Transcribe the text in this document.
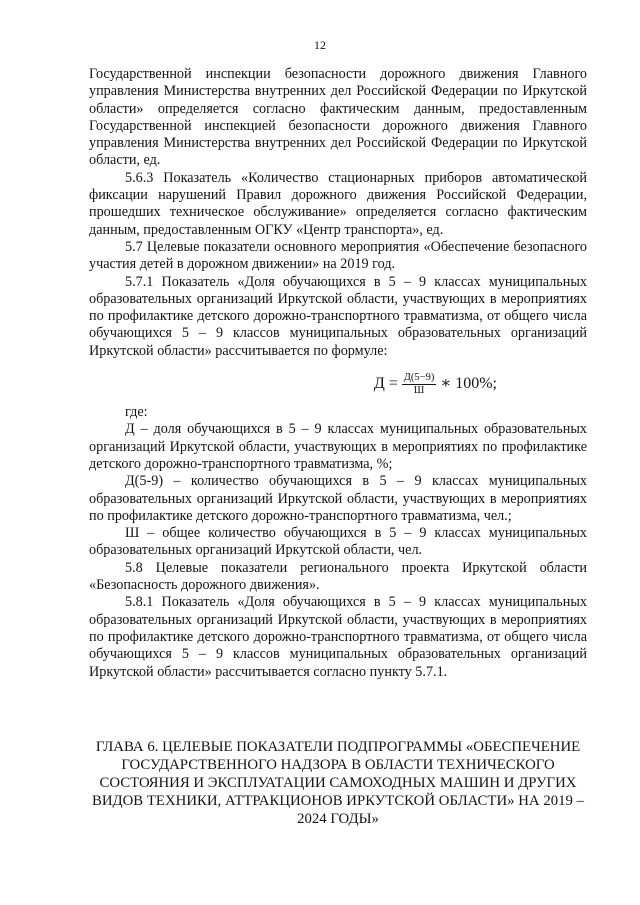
12

Государственной инспекции безопасности дорожного движения Главного управления Министерства внутренних дел Российской Федерации по Иркутской области» определяется согласно фактическим данным, предоставленным Государственной инспекцией безопасности дорожного движения Главного управления Министерства внутренних дел Российской Федерации по Иркутской области, ед.

5.6.3 Показатель «Количество стационарных приборов автоматической фиксации нарушений Правил дорожного движения Российской Федерации, прошедших техническое обслуживание» определяется согласно фактическим данным, предоставленным ОГКУ «Центр транспорта», ед.

5.7 Целевые показатели основного мероприятия «Обеспечение безопасного участия детей в дорожном движении» на 2019 год.

5.7.1 Показатель «Доля обучающихся в 5 – 9 классах муниципальных образовательных организаций Иркутской области, участвующих в мероприятиях по профилактике детского дорожно-транспортного травматизма, от общего числа обучающихся 5 – 9 классов муниципальных образовательных организаций Иркутской области» рассчитывается по формуле:

$Д = \frac{Д(5-9)}{Ш}$ ∗ 100%;

где:

Д – доля обучающихся в 5 – 9 классах муниципальных образовательных организаций Иркутской области, участвующих в мероприятиях по профилактике детского дорожно-транспортного травматизма, %;

Д(5-9) – количество обучающихся в 5 – 9 классах муниципальных образовательных организаций Иркутской области, участвующих в мероприятиях по профилактике детского дорожно-транспортного травматизма, чел.;

Ш – общее количество обучающихся в 5 – 9 классах муниципальных образовательных организаций Иркутской области, чел.

5.8 Целевые показатели регионального проекта Иркутской области «Безопасность дорожного движения».

5.8.1 Показатель «Доля обучающихся в 5 – 9 классах муниципальных образовательных организаций Иркутской области, участвующих в мероприятиях по профилактике детского дорожно-транспортного травматизма, от общего числа обучающихся 5 – 9 классов муниципальных образовательных организаций Иркутской области» рассчитывается согласно пункту 5.7.1.

ГЛАВА 6. ЦЕЛЕВЫЕ ПОКАЗАТЕЛИ ПОДПРОГРАММЫ «ОБЕСПЕЧЕНИЕ ГОСУДАРСТВЕННОГО НАДЗОРА В ОБЛАСТИ ТЕХНИЧЕСКОГО СОСТОЯНИЯ И ЭКСПЛУАТАЦИИ САМОХОДНЫХ МАШИН И ДРУГИХ ВИДОВ ТЕХНИКИ, АТТРАКЦИОНОВ ИРКУТСКОЙ ОБЛАСТИ» НА 2019 – 2024 ГОДЫ»
